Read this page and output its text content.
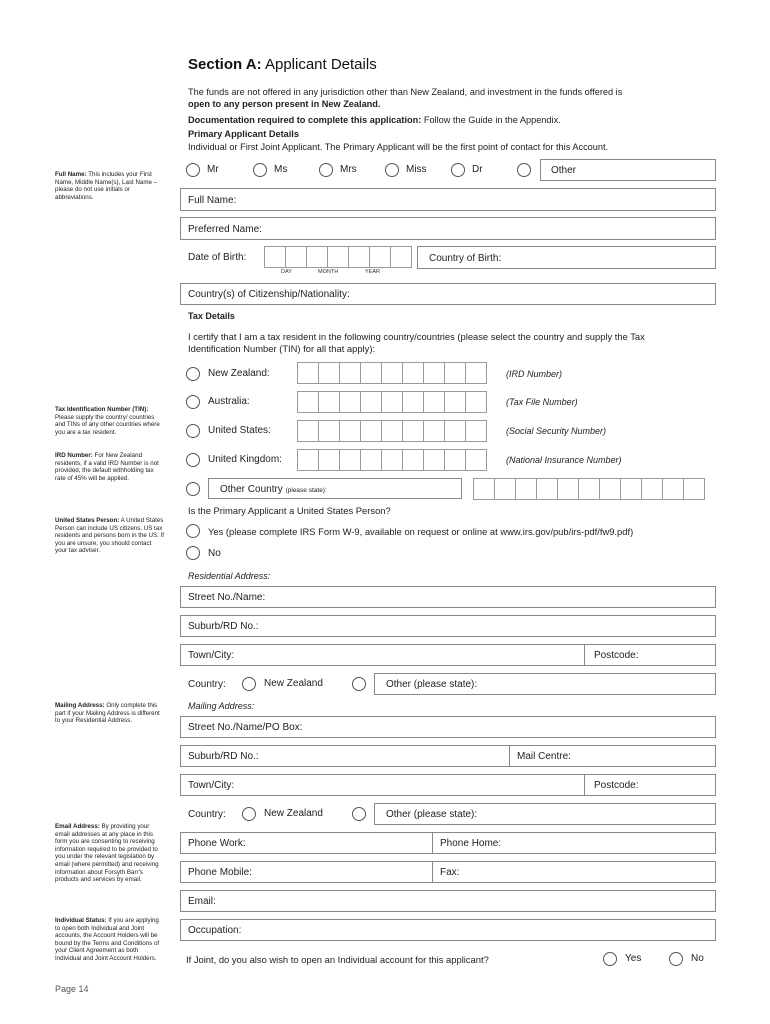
Section A: Applicant Details
The funds are not offered in any jurisdiction other than New Zealand, and investment in the funds offered is
open to any person present in New Zealand.
Documentation required to complete this application: Follow the Guide in the Appendix.
Primary Applicant Details
Individual or First Joint Applicant. The Primary Applicant will be the first point of contact for this Account.
Mr	Ms	Mrs	Miss	Dr	Other
Full Name:
Preferred Name:
Date of Birth:
DAY	MONTH	YEAR
Country of Birth:
Country(s) of Citizenship/Nationality:
Tax Details
I certify that I am a tax resident in the following country/countries (please select the country and supply the Tax
Identification Number (TIN) for all that apply):
New Zealand:	(IRD Number)
Australia:	(Tax File Number)
United States:	(Social Security Number)
United Kingdom:	(National Insurance Number)
Other Country (please state):
Is the Primary Applicant a United States Person?
Yes (please complete IRS Form W-9, available on request or online at www.irs.gov/pub/irs-pdf/fw9.pdf)
No
Residential Address:
Street No./Name:
Suburb/RD No.:
Town/City:	Postcode:
Country:	New Zealand	Other (please state):
Mailing Address:
Street No./Name/PO Box:
Suburb/RD No.:	Mail Centre:
Town/City:	Postcode:
Country:	New Zealand	Other (please state):
Phone Work:	Phone Home:
Phone Mobile:	Fax:
Email:
Occupation:
If Joint, do you also wish to open an Individual account for this applicant?	Yes	No
Full Name: This includes your First Name, Middle Name(s), Last Name – please do not use initials or abbreviations.
Tax Identification Number (TIN): Please supply the country/ countries and TINs of any other countries where you are a tax resident.
IRD Number: For New Zealand residents, if a valid IRD Number is not provided, the default withholding tax rate of 45% will be applied.
United States Person: A United States Person can include US citizens, US tax residents and persons born in the US. If you are unsure, you should contact your tax adviser.
Mailing Address: Only complete this part if your Mailing Address is different to your Residential Address.
Email Address: By providing your email addresses at any place in this form you are consenting to receiving information required to be provided to you under the relevant legislation by email (where permitted) and receiving information about Forsyth Barr's products and services by email.
Individual Status: If you are applying to open both Individual and Joint accounts, the Account Holders will be bound by the Terms and Conditions of your Client Agreement as both Individual and Joint Account Holders.
Page 14
